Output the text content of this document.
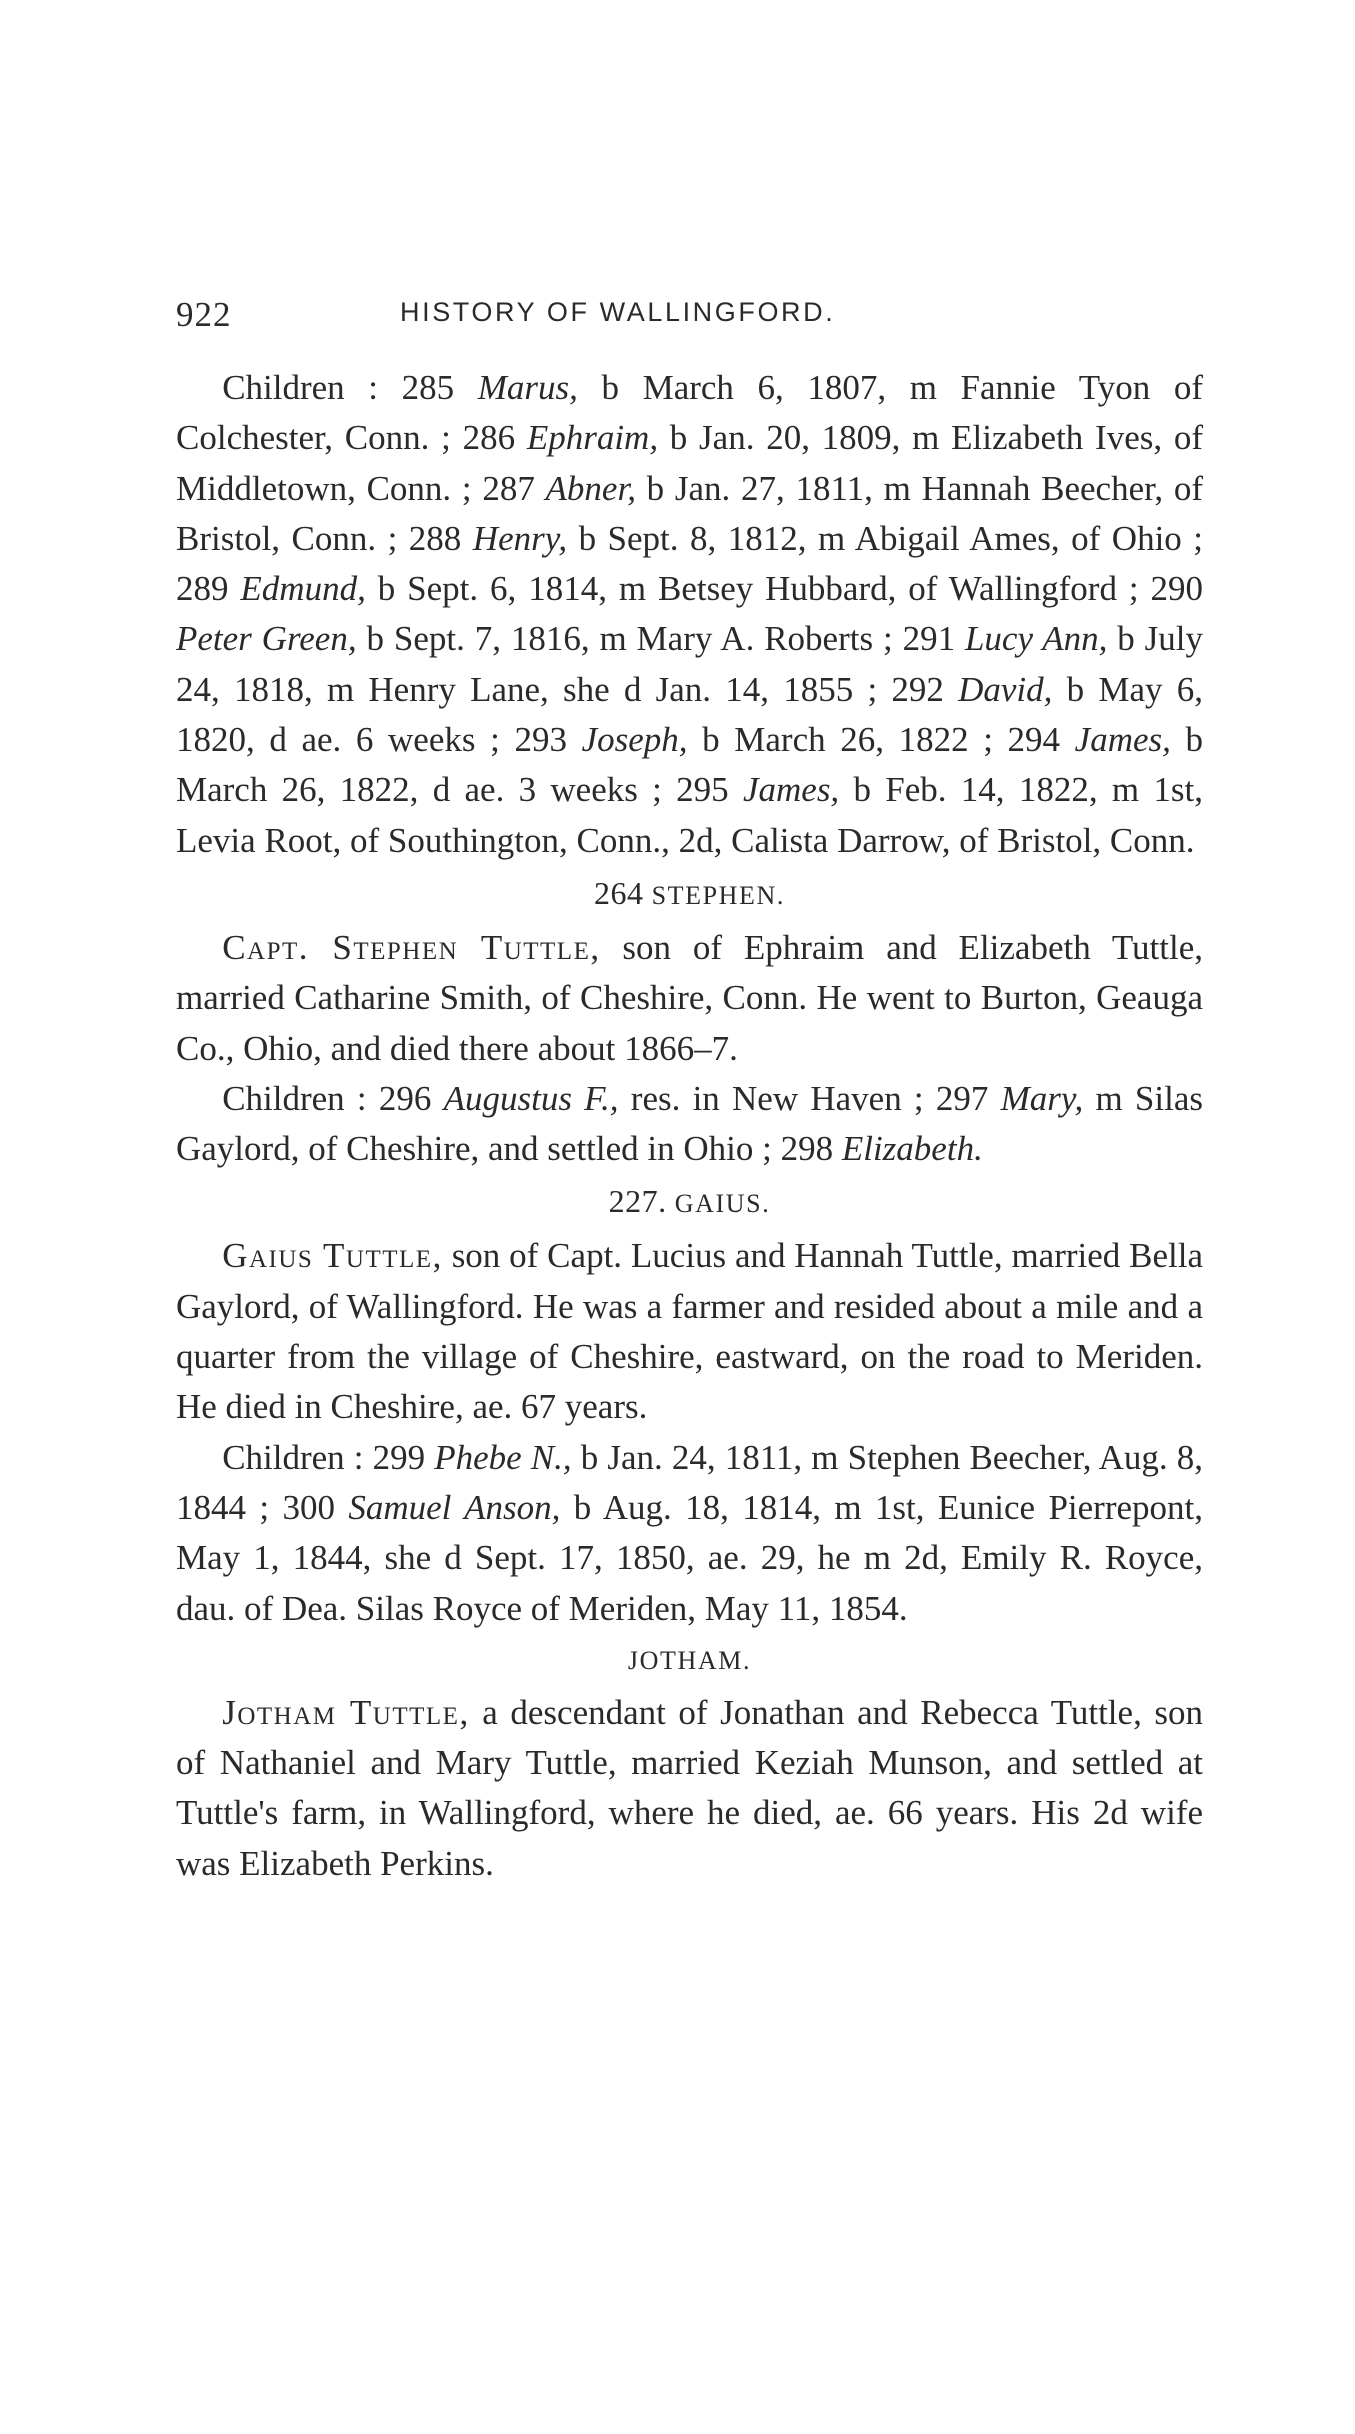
922	HISTORY OF WALLINGFORD.

Children : 285 Marus, b March 6, 1807, m Fannie Tyon of Colchester, Conn. ; 286 Ephraim, b Jan. 20, 1809, m Elizabeth Ives, of Middletown, Conn. ; 287 Abner, b Jan. 27, 1811, m Hannah Beecher, of Bristol, Conn. ; 288 Henry, b Sept. 8, 1812, m Abigail Ames, of Ohio ; 289 Edmund, b Sept. 6, 1814, m Betsey Hubbard, of Wallingford ; 290 Peter Green, b Sept. 7, 1816, m Mary A. Roberts ; 291 Lucy Ann, b July 24, 1818, m Henry Lane, she d Jan. 14, 1855 ; 292 David, b May 6, 1820, d ae. 6 weeks ; 293 Joseph, b March 26, 1822 ; 294 James, b March 26, 1822, d ae. 3 weeks ; 295 James, b Feb. 14, 1822, m 1st, Levia Root, of Southington, Conn., 2d, Calista Darrow, of Bristol, Conn.

264 STEPHEN.

Capt. Stephen Tuttle, son of Ephraim and Elizabeth Tuttle, married Catharine Smith, of Cheshire, Conn. He went to Burton, Geauga Co., Ohio, and died there about 1866–7.

Children : 296 Augustus F., res. in New Haven ; 297 Mary, m Silas Gaylord, of Cheshire, and settled in Ohio ; 298 Elizabeth.

227. GAIUS.

Gaius Tuttle, son of Capt. Lucius and Hannah Tuttle, married Bella Gaylord, of Wallingford. He was a farmer and resided about a mile and a quarter from the village of Cheshire, eastward, on the road to Meriden. He died in Cheshire, ae. 67 years.

Children : 299 Phebe N., b Jan. 24, 1811, m Stephen Beecher, Aug. 8, 1844 ; 300 Samuel Anson, b Aug. 18, 1814, m 1st, Eunice Pierrepont, May 1, 1844, she d Sept. 17, 1850, ae. 29, he m 2d, Emily R. Royce, dau. of Dea. Silas Royce of Meriden, May 11, 1854.

JOTHAM.

Jotham Tuttle, a descendant of Jonathan and Rebecca Tuttle, son of Nathaniel and Mary Tuttle, married Keziah Munson, and settled at Tuttle's farm, in Wallingford, where he died, ae. 66 years. His 2d wife was Elizabeth Perkins.
